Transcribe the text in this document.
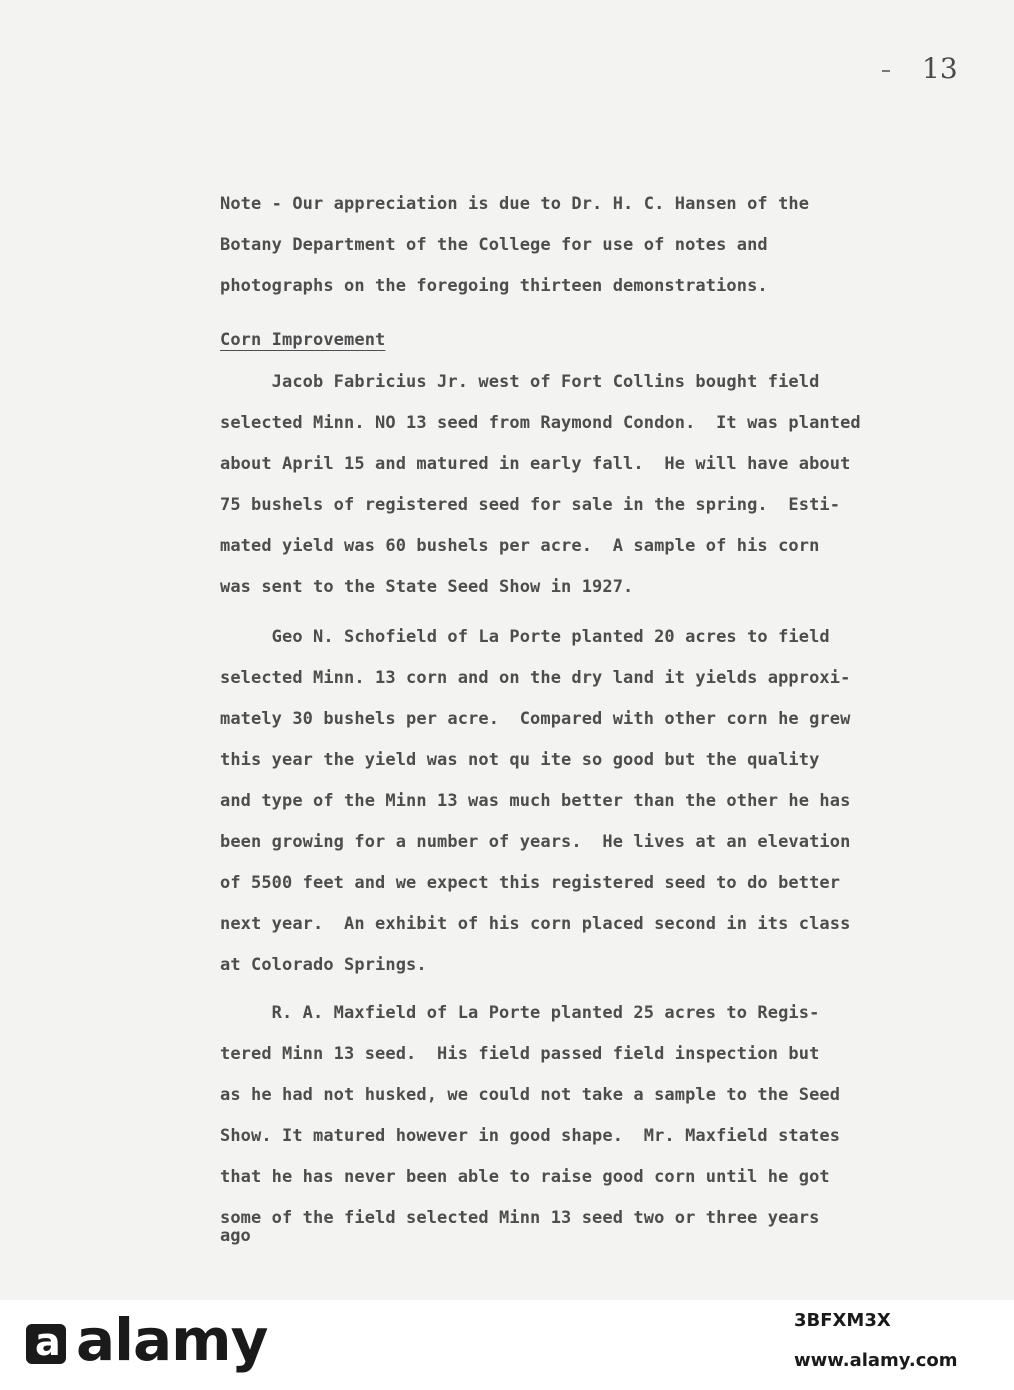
13
Note - Our appreciation is due to Dr. H. C. Hansen of the
Botany Department of the College for use of notes and
photographs on the foregoing thirteen demonstrations.
Corn Improvement
Jacob Fabricius Jr. west of Fort Collins bought field
selected Minn. NO 13 seed from Raymond Condon.  It was planted
about April 15 and matured in early fall.  He will have about
75 bushels of registered seed for sale in the spring.  Esti-
mated yield was 60 bushels per acre.  A sample of his corn
was sent to the State Seed Show in 1927.
Geo N. Schofield of La Porte planted 20 acres to field
selected Minn. 13 corn and on the dry land it yields approxi-
mately 30 bushels per acre.  Compared with other corn he grew
this year the yield was not qu ite so good but the quality
and type of the Minn 13 was much better than the other he has
been growing for a number of years.  He lives at an elevation
of 5500 feet and we expect this registered seed to do better
next year.  An exhibit of his corn placed second in its class
at Colorado Springs.
R. A. Maxfield of La Porte planted 25 acres to Regis-
tered Minn 13 seed.  His field passed field inspection but
as he had not husked, we could not take a sample to the Seed
Show. It matured however in good shape.  Mr. Maxfield states
that he has never been able to raise good corn until he got
some of the field selected Minn 13 seed two or three years
ago
aalamy	3BFXM3X
www.alamy.com
